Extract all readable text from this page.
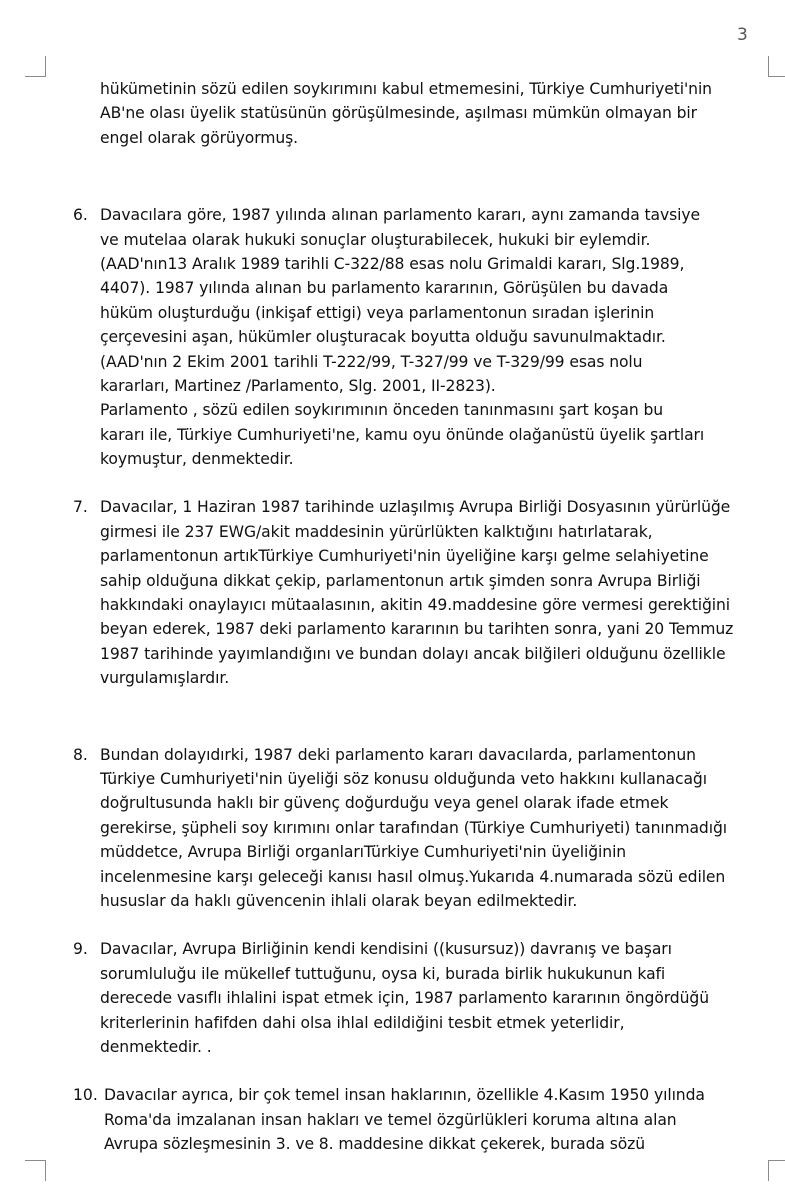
3
hükümetinin sözü edilen soykırımını kabul etmemesini, Türkiye Cumhuriyeti'nin
AB'ne olası üyelik statüsünün görüşülmesinde, aşılması mümkün olmayan bir
engel olarak görüyormuş.
6. Davacılara göre, 1987 yılında alınan parlamento kararı, aynı zamanda tavsiye
ve mutelaa olarak hukuki sonuçlar oluşturabilecek, hukuki bir eylemdir.
(AAD'nın13 Aralık 1989 tarihli C-322/88 esas nolu Grimaldi kararı, Slg.1989,
4407). 1987 yılında alınan bu parlamento kararının, Görüşülen bu davada
hüküm oluşturduğu (inkişaf ettigi) veya parlamentonun sıradan işlerinin
çerçevesini aşan, hükümler oluşturacak boyutta olduğu savunulmaktadır.
(AAD'nın 2 Ekim 2001 tarihli T-222/99, T-327/99 ve T-329/99 esas nolu
kararları, Martinez /Parlamento, Slg. 2001, II-2823).
Parlamento , sözü edilen soykırımının önceden tanınmasını şart koşan bu
kararı ile, Türkiye Cumhuriyeti'ne, kamu oyu önünde olağanüstü üyelik şartları
koymuştur, denmektedir.
7. Davacılar, 1 Haziran 1987 tarihinde uzlaşılmış Avrupa Birliği Dosyasının yürürlüğe
girmesi ile 237 EWG/akit maddesinin yürürlükten kalktığını hatırlatarak,
parlamentonun artıkTürkiye Cumhuriyeti'nin üyeliğine karşı gelme selahiyetine
sahip olduğuna dikkat çekip, parlamentonun artık şimden sonra Avrupa Birliği
hakkındaki onaylayıcı mütaalasının, akitin 49.maddesine göre vermesi gerektiğini
beyan ederek, 1987 deki parlamento kararının bu tarihten sonra, yani 20 Temmuz
1987 tarihinde yayımlandığını ve bundan dolayı ancak bilğileri olduğunu özellikle
vurgulamışlardır.
8. Bundan dolayıdırki, 1987 deki parlamento kararı davacılarda, parlamentonun
Türkiye Cumhuriyeti'nin üyeliği söz konusu olduğunda veto hakkını kullanacağı
doğrultusunda haklı bir güvenç doğurduğu veya genel olarak ifade etmek
gerekirse, şüpheli soy kırımını onlar tarafından (Türkiye Cumhuriyeti) tanınmadığı
müddetce, Avrupa Birliği organlarıTürkiye Cumhuriyeti'nin üyeliğinin
incelenmesine karşı geleceği kanısı hasıl olmuş.Yukarıda 4.numarada sözü edilen
hususlar da haklı güvencenin ihlali olarak beyan edilmektedir.
9. Davacılar, Avrupa Birliğinin kendi kendisini ((kusursuz)) davranış ve başarı
sorumluluğu ile mükellef tuttuğunu, oysa ki, burada birlik hukukunun kafi
derecede vasıflı ihlalini ispat etmek için, 1987 parlamento kararının öngördüğü
kriterlerinin hafifden dahi olsa ihlal edildiğini tesbit etmek yeterlidir,
denmektedir. .
10. Davacılar ayrıca, bir çok temel insan haklarının, özellikle 4.Kasım 1950 yılında
Roma'da imzalanan insan hakları ve temel özgürlükleri koruma altına alan
Avrupa sözleşmesinin 3. ve 8. maddesine dikkat çekerek, burada sözü
